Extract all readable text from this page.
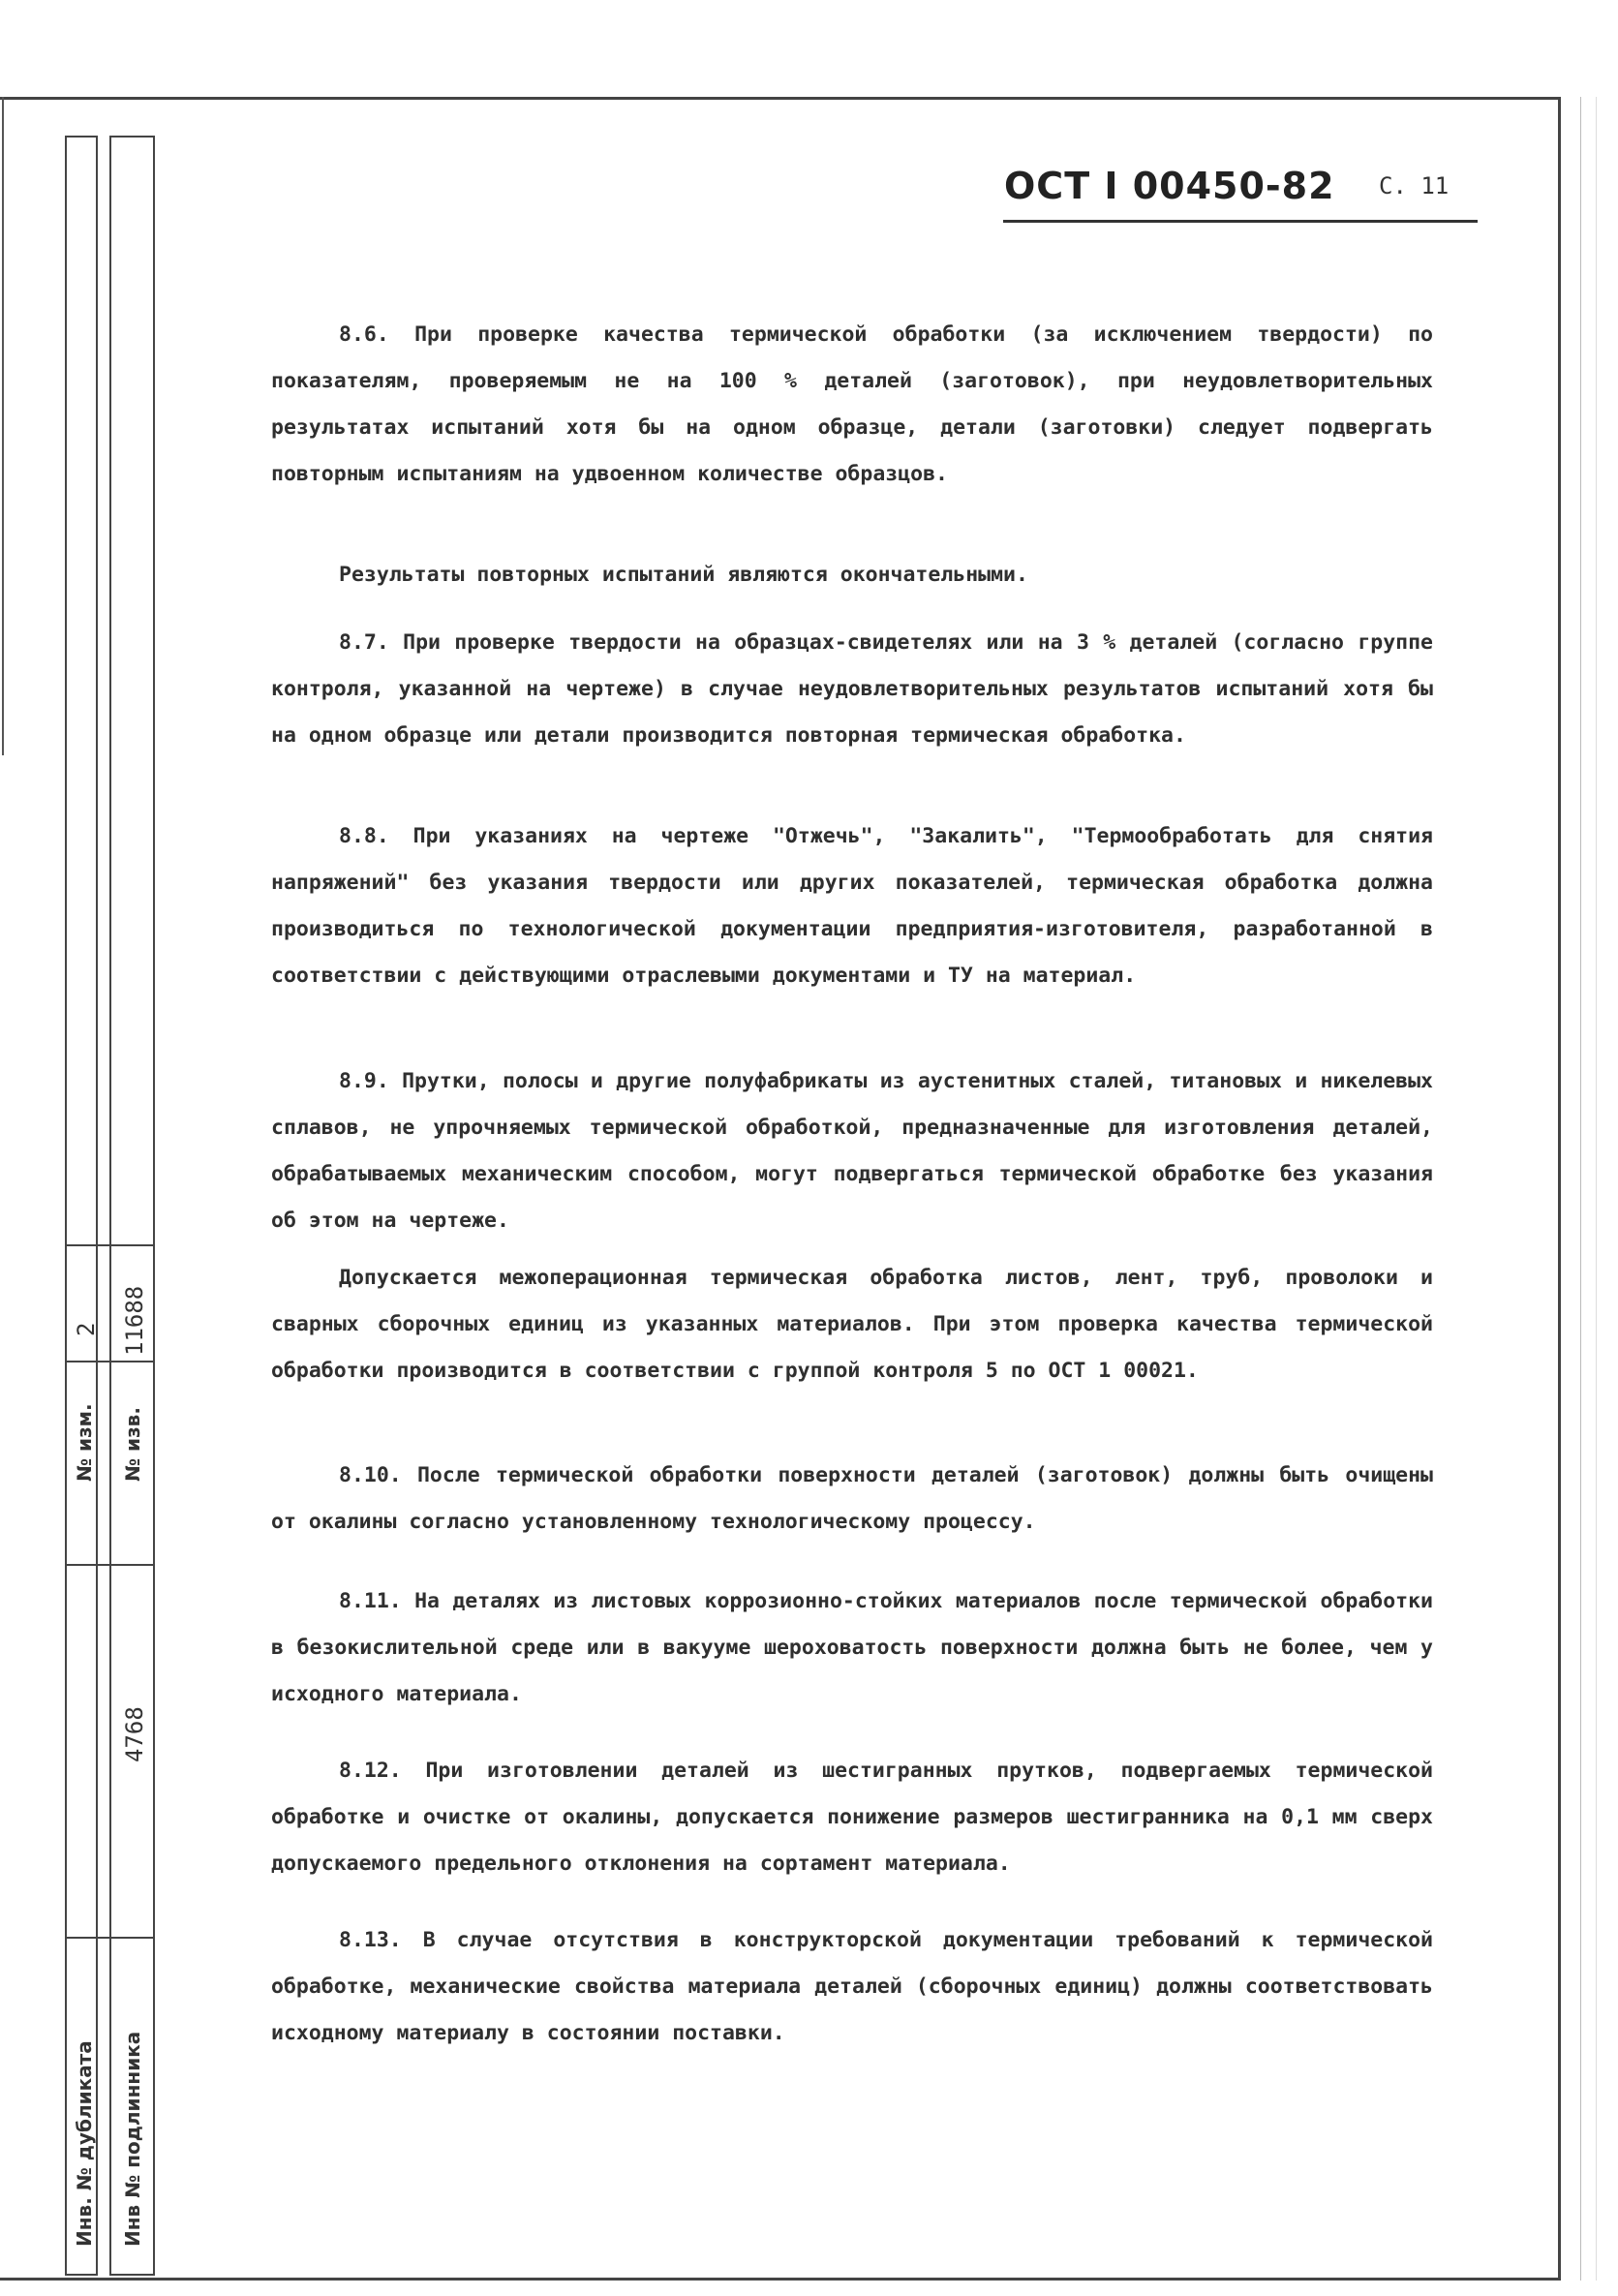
№ изм.
2
№ изв.
11688
Инв. № дубликата
4768
Инв № подлинника
ОСТ I 00450-82 С. 11
8.6. При проверке качества термической обработки (за исключением твердости) по показателям, проверяемым не на 100 % деталей (заготовок), при неудовлетворительных результатах испытаний хотя бы на одном образце, детали (заготовки) следует подвергать повторным испытаниям на удвоенном количестве образцов.
Результаты повторных испытаний являются окончательными.
8.7. При проверке твердости на образцах-свидетелях или на 3 % деталей (согласно группе контроля, указанной на чертеже) в случае неудовлетворительных результатов испытаний хотя бы на одном образце или детали производится повторная термическая обработка.
8.8. При указаниях на чертеже "Отжечь", "Закалить", "Термообработать для снятия напряжений" без указания твердости или других показателей, термическая обработка должна производиться по технологической документации предприятия-изготовителя, разработанной в соответствии с действующими отраслевыми документами и ТУ на материал.
8.9. Прутки, полосы и другие полуфабрикаты из аустенитных сталей, титановых и никелевых сплавов, не упрочняемых термической обработкой, предназначенные для изготовления деталей, обрабатываемых механическим способом, могут подвергаться термической обработке без указания об этом на чертеже.
Допускается межоперационная термическая обработка листов, лент, труб, проволоки и сварных сборочных единиц из указанных материалов. При этом проверка качества термической обработки производится в соответствии с группой контроля 5 по ОСТ 1 00021.
8.10. После термической обработки поверхности деталей (заготовок) должны быть очищены от окалины согласно установленному технологическому процессу.
8.11. На деталях из листовых коррозионно-стойких материалов после термической обработки в безокислительной среде или в вакууме шероховатость поверхности должна быть не более, чем у исходного материала.
8.12. При изготовлении деталей из шестигранных прутков, подвергаемых термической обработке и очистке от окалины, допускается понижение размеров шестигранника на 0,1 мм сверх допускаемого предельного отклонения на сортамент материала.
8.13. В случае отсутствия в конструкторской документации требований к термической обработке, механические свойства материала деталей (сборочных единиц) должны соответствовать исходному материалу в состоянии поставки.
